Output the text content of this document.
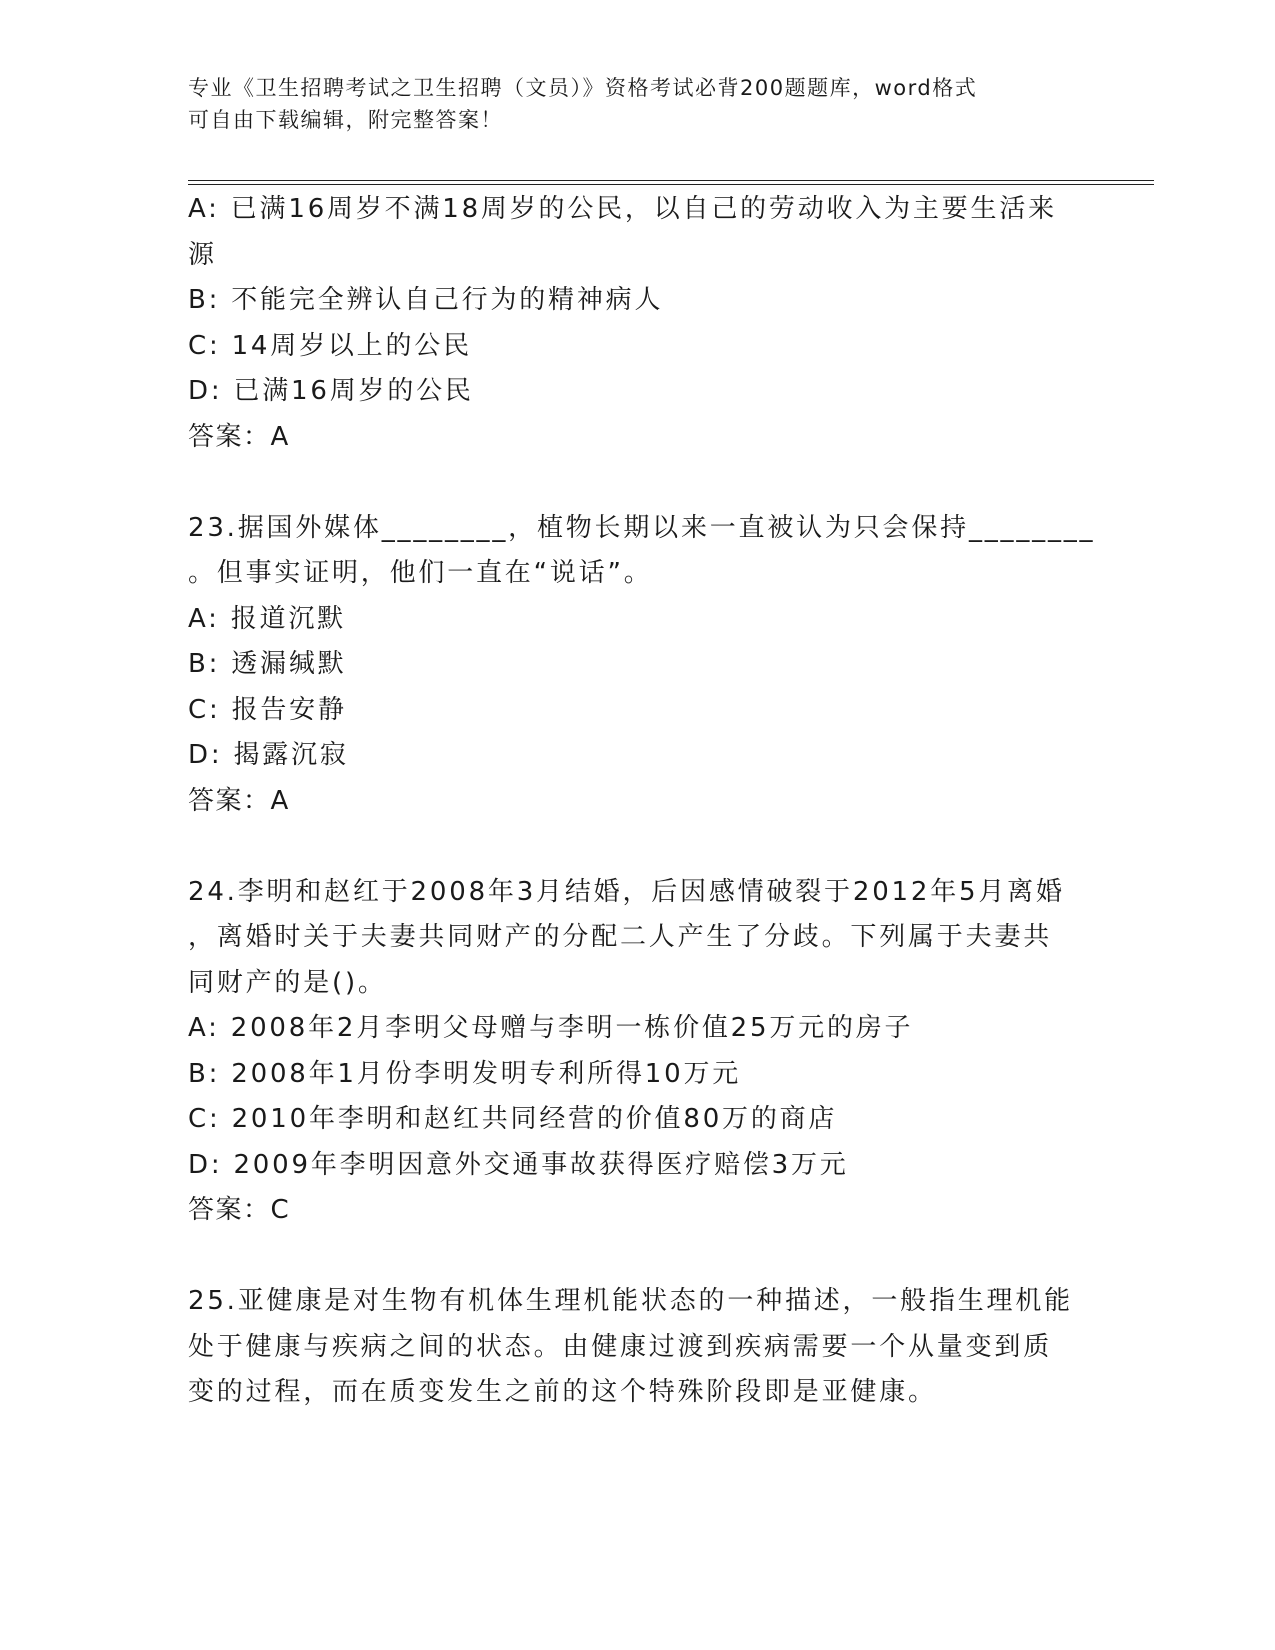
专业《卫生招聘考试之卫生招聘（文员）》资格考试必背200题题库，word格式
可自由下载编辑，附完整答案！
A: 已满16周岁不满18周岁的公民，以自己的劳动收入为主要生活来
源
B: 不能完全辨认自己行为的精神病人
C: 14周岁以上的公民
D: 已满16周岁的公民
答案：A
23.据国外媒体________，植物长期以来一直被认为只会保持________
。但事实证明，他们一直在“说话”。
A: 报道沉默
B: 透漏缄默
C: 报告安静
D: 揭露沉寂
答案：A
24.李明和赵红于2008年3月结婚，后因感情破裂于2012年5月离婚
，离婚时关于夫妻共同财产的分配二人产生了分歧。下列属于夫妻共
同财产的是()。
A: 2008年2月李明父母赠与李明一栋价值25万元的房子
B: 2008年1月份李明发明专利所得10万元
C: 2010年李明和赵红共同经营的价值80万的商店
D: 2009年李明因意外交通事故获得医疗赔偿3万元
答案：C
25.亚健康是对生物有机体生理机能状态的一种描述，一般指生理机能
处于健康与疾病之间的状态。由健康过渡到疾病需要一个从量变到质
变的过程，而在质变发生之前的这个特殊阶段即是亚健康。
